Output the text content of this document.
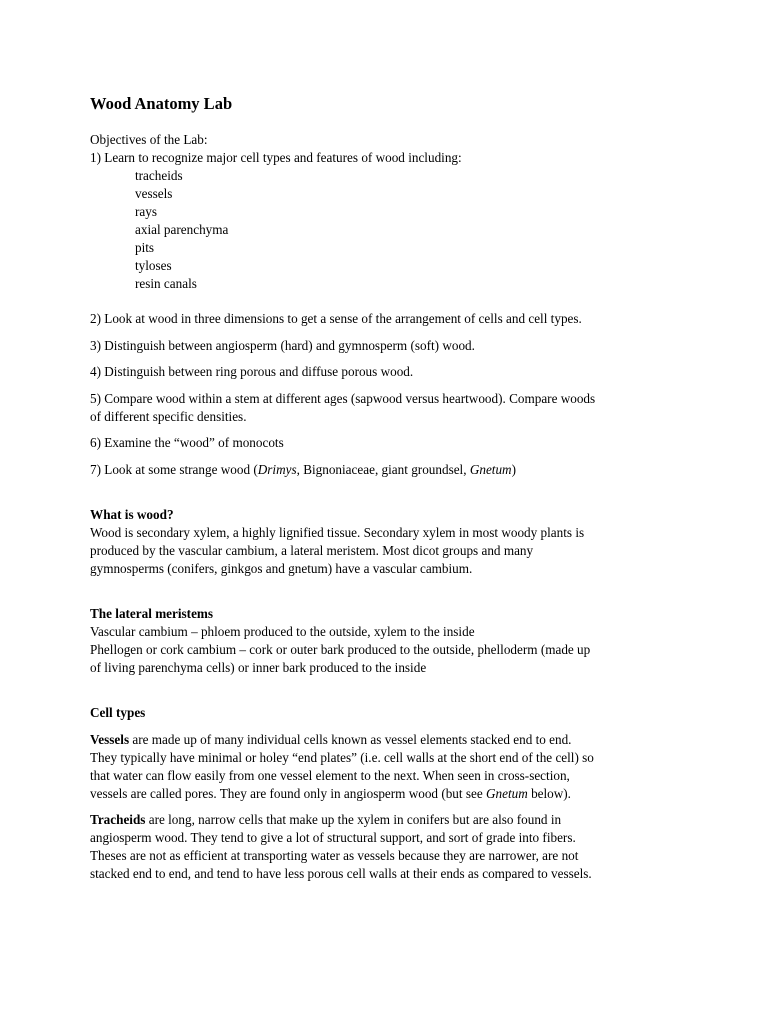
Wood Anatomy Lab
Objectives of the Lab:
1) Learn to recognize major cell types and features of wood including:
tracheids
vessels
rays
axial parenchyma
pits
tyloses
resin canals
2) Look at wood in three dimensions to get a sense of the arrangement of cells and cell types.
3) Distinguish between angiosperm (hard) and gymnosperm (soft) wood.
4) Distinguish between ring porous and diffuse porous wood.
5) Compare wood within a stem at different ages (sapwood versus heartwood). Compare woods
of different specific densities.
6) Examine the “wood” of monocots
7) Look at some strange wood (Drimys, Bignoniaceae, giant groundsel, Gnetum)
What is wood?
Wood is secondary xylem, a highly lignified tissue. Secondary xylem in most woody plants is
produced by the vascular cambium, a lateral meristem. Most dicot groups and many
gymnosperms (conifers, ginkgos and gnetum) have a vascular cambium.
The lateral meristems
Vascular cambium – phloem produced to the outside, xylem to the inside
Phellogen or cork cambium – cork or outer bark produced to the outside, phelloderm (made up
of living parenchyma cells) or inner bark produced to the inside
Cell types
Vessels are made up of many individual cells known as vessel elements stacked end to end.
They typically have minimal or holey “end plates” (i.e. cell walls at the short end of the cell) so
that water can flow easily from one vessel element to the next. When seen in cross-section,
vessels are called pores. They are found only in angiosperm wood (but see Gnetum below).
Tracheids are long, narrow cells that make up the xylem in conifers but are also found in
angiosperm wood. They tend to give a lot of structural support, and sort of grade into fibers.
Theses are not as efficient at transporting water as vessels because they are narrower, are not
stacked end to end, and tend to have less porous cell walls at their ends as compared to vessels.
